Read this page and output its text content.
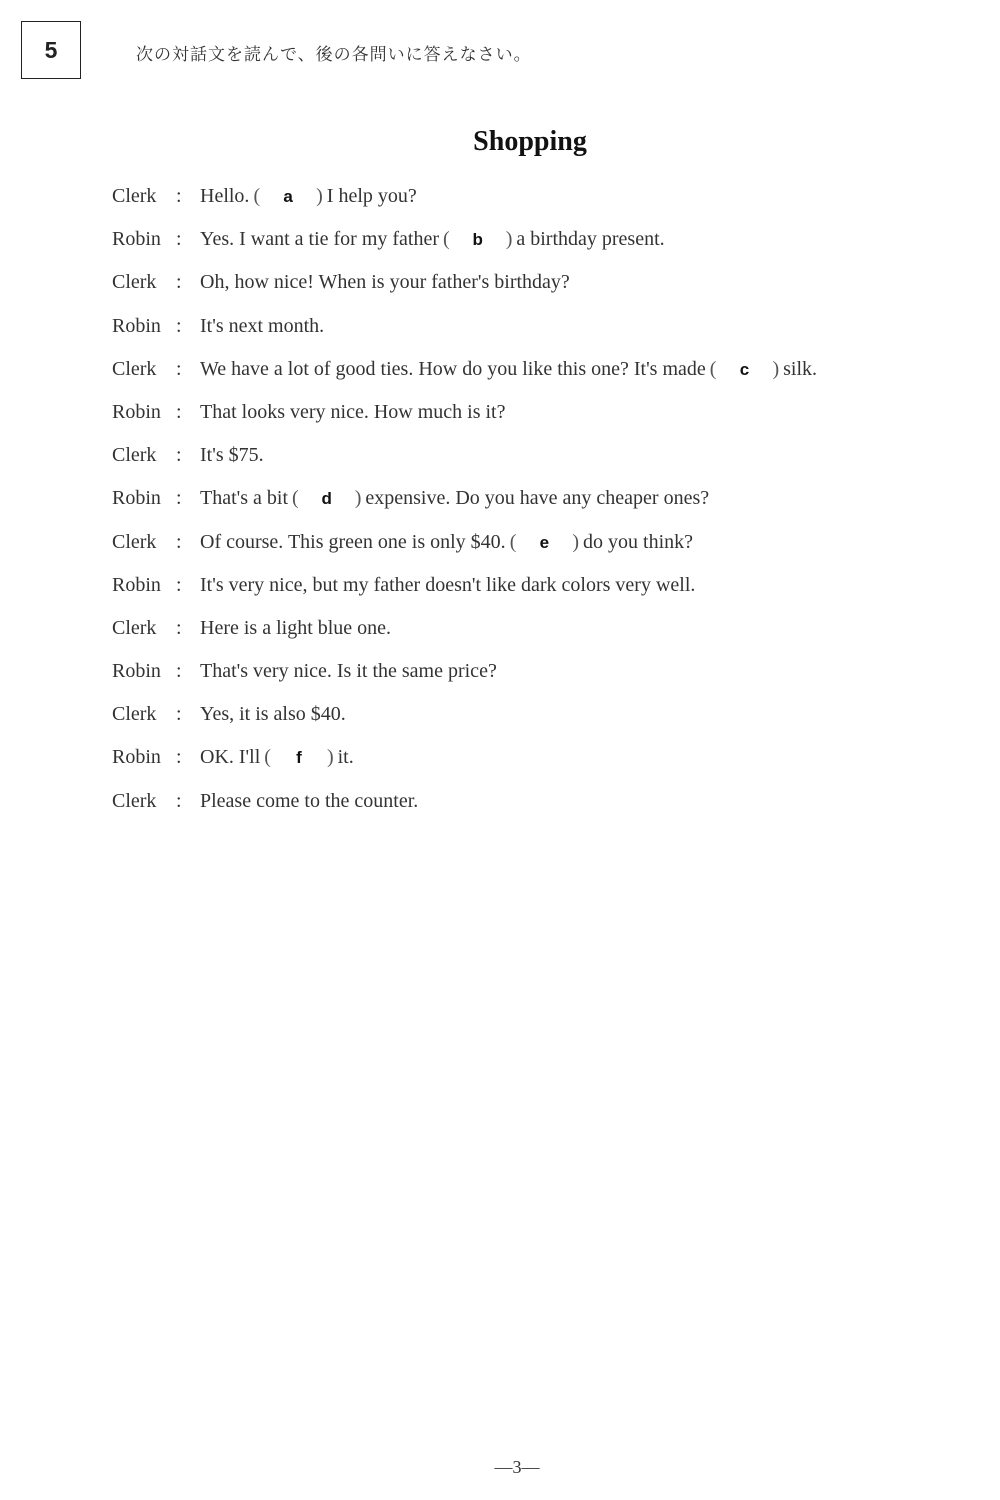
5	次の対話文を読んで、後の各問いに答えなさい。
Shopping
Clerk : Hello. ( a ) I help you?
Robin : Yes. I want a tie for my father ( b ) a birthday present.
Clerk : Oh, how nice! When is your father's birthday?
Robin : It's next month.
Clerk : We have a lot of good ties. How do you like this one? It's made ( c ) silk.
Robin : That looks very nice. How much is it?
Clerk : It's $75.
Robin : That's a bit ( d ) expensive. Do you have any cheaper ones?
Clerk : Of course. This green one is only $40. ( e ) do you think?
Robin : It's very nice, but my father doesn't like dark colors very well.
Clerk : Here is a light blue one.
Robin : That's very nice. Is it the same price?
Clerk : Yes, it is also $40.
Robin : OK. I'll ( f ) it.
Clerk : Please come to the counter.
—3—
